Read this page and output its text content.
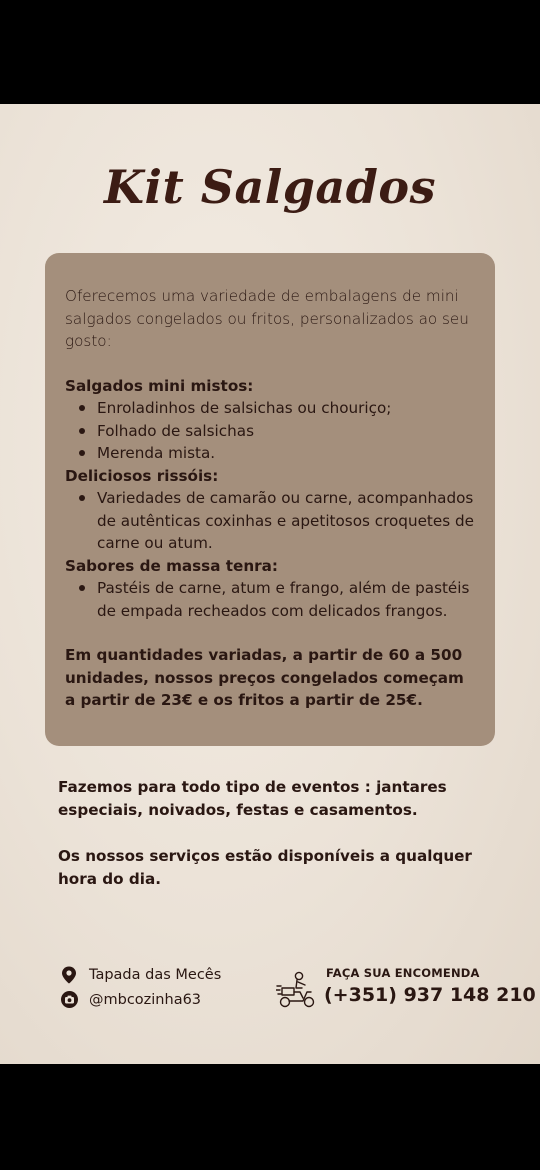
Kit Salgados

Oferecemos uma variedade de embalagens de mini salgados congelados ou fritos, personalizados ao seu gosto:

Salgados mini mistos:

Enroladinhos de salsichas ou chouriço;
Folhado de salsichas
Merenda mista.

Deliciosos rissóis:

Variedades de camarão ou carne, acompanhados de autênticas coxinhas e apetitosos croquetes de carne ou atum.

Sabores de massa tenra:

Pastéis de carne, atum e frango, além de pastéis de empada recheados com delicados frangos.

Em quantidades variadas, a partir de 60 a 500 unidades, nossos preços congelados começam a partir de 23€ e os fritos a partir de 25€.

Fazemos para todo tipo de eventos : jantares especiais, noivados, festas e casamentos.

Os nossos serviços estão disponíveis a qualquer hora do dia.

Tapada das Mecês
@mbcozinha63
FAÇA SUA ENCOMENDA
(+351) 937 148 210
